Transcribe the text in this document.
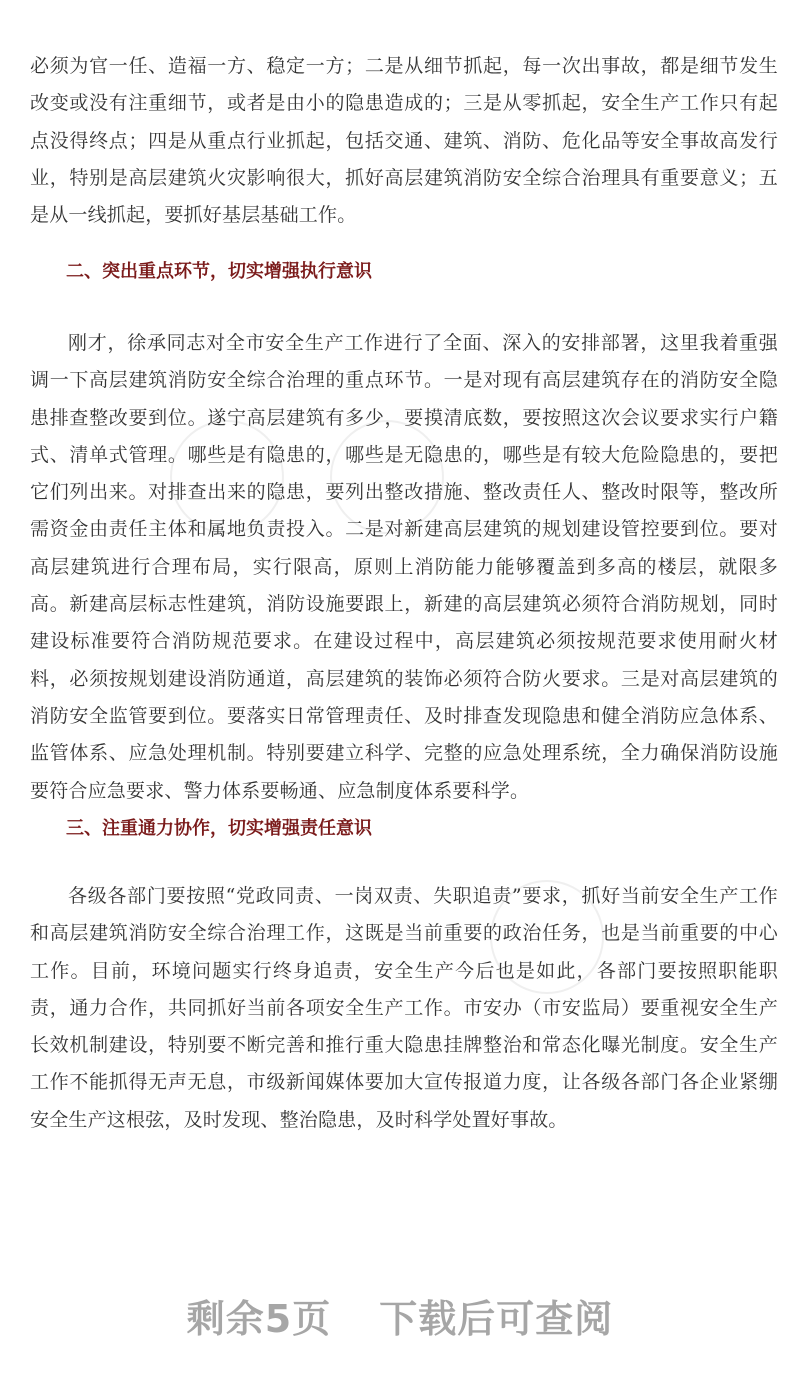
必须为官一任、造福一方、稳定一方；二是从细节抓起，每一次出事故，都是细节发生改变或没有注重细节，或者是由小的隐患造成的；三是从零抓起，安全生产工作只有起点没得终点；四是从重点行业抓起，包括交通、建筑、消防、危化品等安全事故高发行业，特别是高层建筑火灾影响很大，抓好高层建筑消防安全综合治理具有重要意义；五是从一线抓起，要抓好基层基础工作。

二、突出重点环节，切实增强执行意识

刚才，徐承同志对全市安全生产工作进行了全面、深入的安排部署，这里我着重强调一下高层建筑消防安全综合治理的重点环节。一是对现有高层建筑存在的消防安全隐患排查整改要到位。遂宁高层建筑有多少，要摸清底数，要按照这次会议要求实行户籍式、清单式管理。哪些是有隐患的，哪些是无隐患的，哪些是有较大危险隐患的，要把它们列出来。对排查出来的隐患，要列出整改措施、整改责任人、整改时限等，整改所需资金由责任主体和属地负责投入。二是对新建高层建筑的规划建设管控要到位。要对高层建筑进行合理布局，实行限高，原则上消防能力能够覆盖到多高的楼层，就限多高。新建高层标志性建筑，消防设施要跟上，新建的高层建筑必须符合消防规划，同时建设标准要符合消防规范要求。在建设过程中，高层建筑必须按规范要求使用耐火材料，必须按规划建设消防通道，高层建筑的装饰必须符合防火要求。三是对高层建筑的消防安全监管要到位。要落实日常管理责任、及时排查发现隐患和健全消防应急体系、监管体系、应急处理机制。特别要建立科学、完整的应急处理系统，全力确保消防设施要符合应急要求、警力体系要畅通、应急制度体系要科学。

三、注重通力协作，切实增强责任意识

各级各部门要按照“党政同责、一岗双责、失职追责”要求，抓好当前安全生产工作和高层建筑消防安全综合治理工作，这既是当前重要的政治任务，也是当前重要的中心工作。目前，环境问题实行终身追责，安全生产今后也是如此，各部门要按照职能职责，通力合作，共同抓好当前各项安全生产工作。市安办（市安监局）要重视安全生产长效机制建设，特别要不断完善和推行重大隐患挂牌整治和常态化曝光制度。安全生产工作不能抓得无声无息，市级新闻媒体要加大宣传报道力度，让各级各部门各企业紧绷安全生产这根弦，及时发现、整治隐患，及时科学处置好事故。

剩余5页 下载后可查阅
